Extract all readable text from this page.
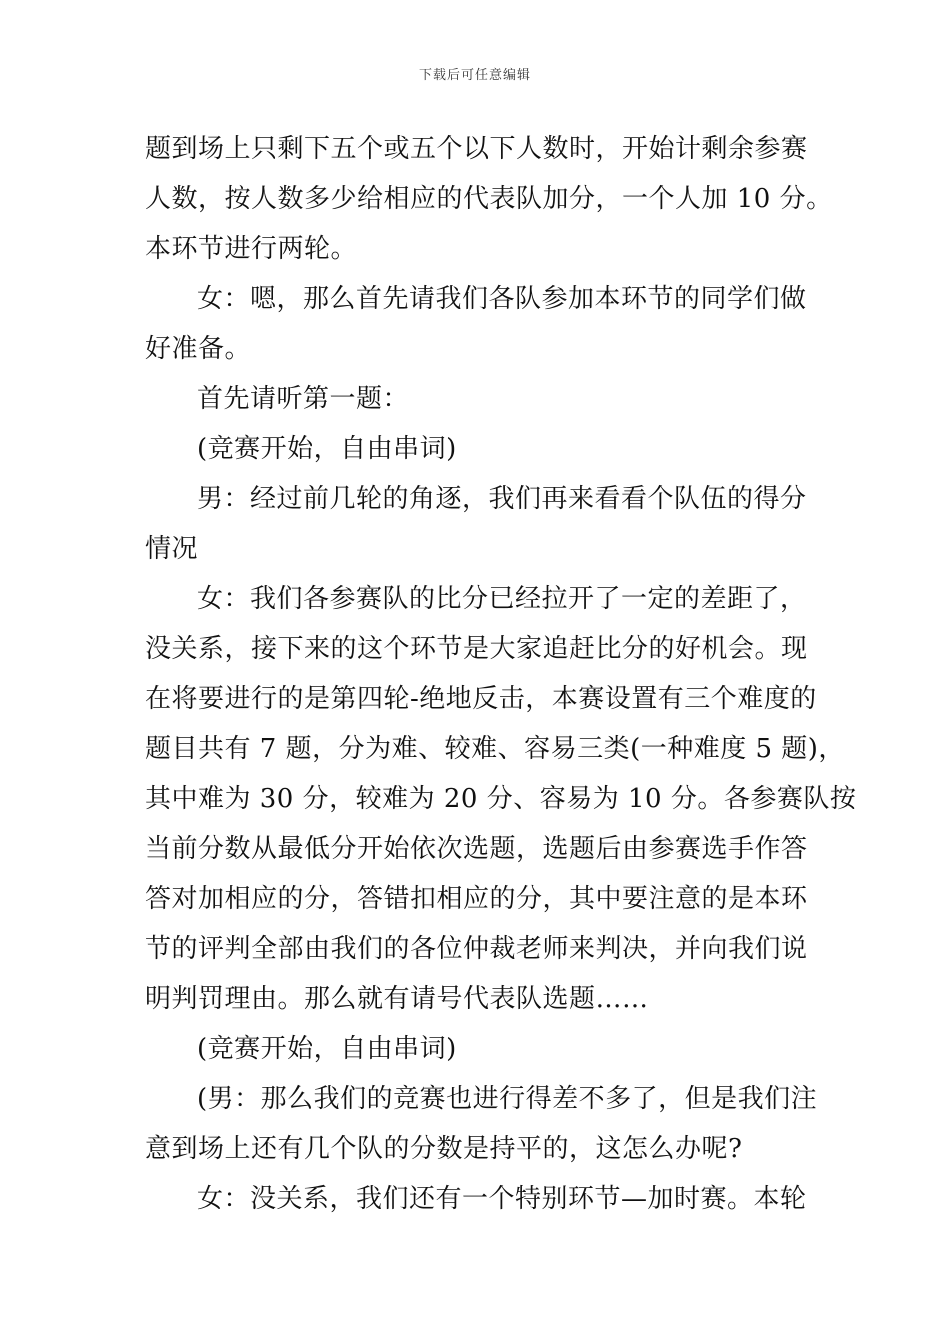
下载后可任意编辑

题到场上只剩下五个或五个以下人数时，开始计剩余参赛
人数，按人数多少给相应的代表队加分，一个人加 10 分。
本环节进行两轮。

女：嗯，那么首先请我们各队参加本环节的同学们做
好准备。

首先请听第一题：

(竞赛开始，自由串词)

男：经过前几轮的角逐，我们再来看看个队伍的得分
情况

女：我们各参赛队的比分已经拉开了一定的差距了，
没关系，接下来的这个环节是大家追赶比分的好机会。现
在将要进行的是第四轮-绝地反击，本赛设置有三个难度的
题目共有 7 题，分为难、较难、容易三类(一种难度 5 题)，
其中难为 30 分，较难为 20 分、容易为 10 分。各参赛队按
当前分数从最低分开始依次选题，选题后由参赛选手作答
答对加相应的分，答错扣相应的分，其中要注意的是本环
节的评判全部由我们的各位仲裁老师来判决，并向我们说
明判罚理由。那么就有请号代表队选题……

(竞赛开始，自由串词)

(男：那么我们的竞赛也进行得差不多了，但是我们注
意到场上还有几个队的分数是持平的，这怎么办呢?

女：没关系，我们还有一个特别环节—加时赛。本轮
